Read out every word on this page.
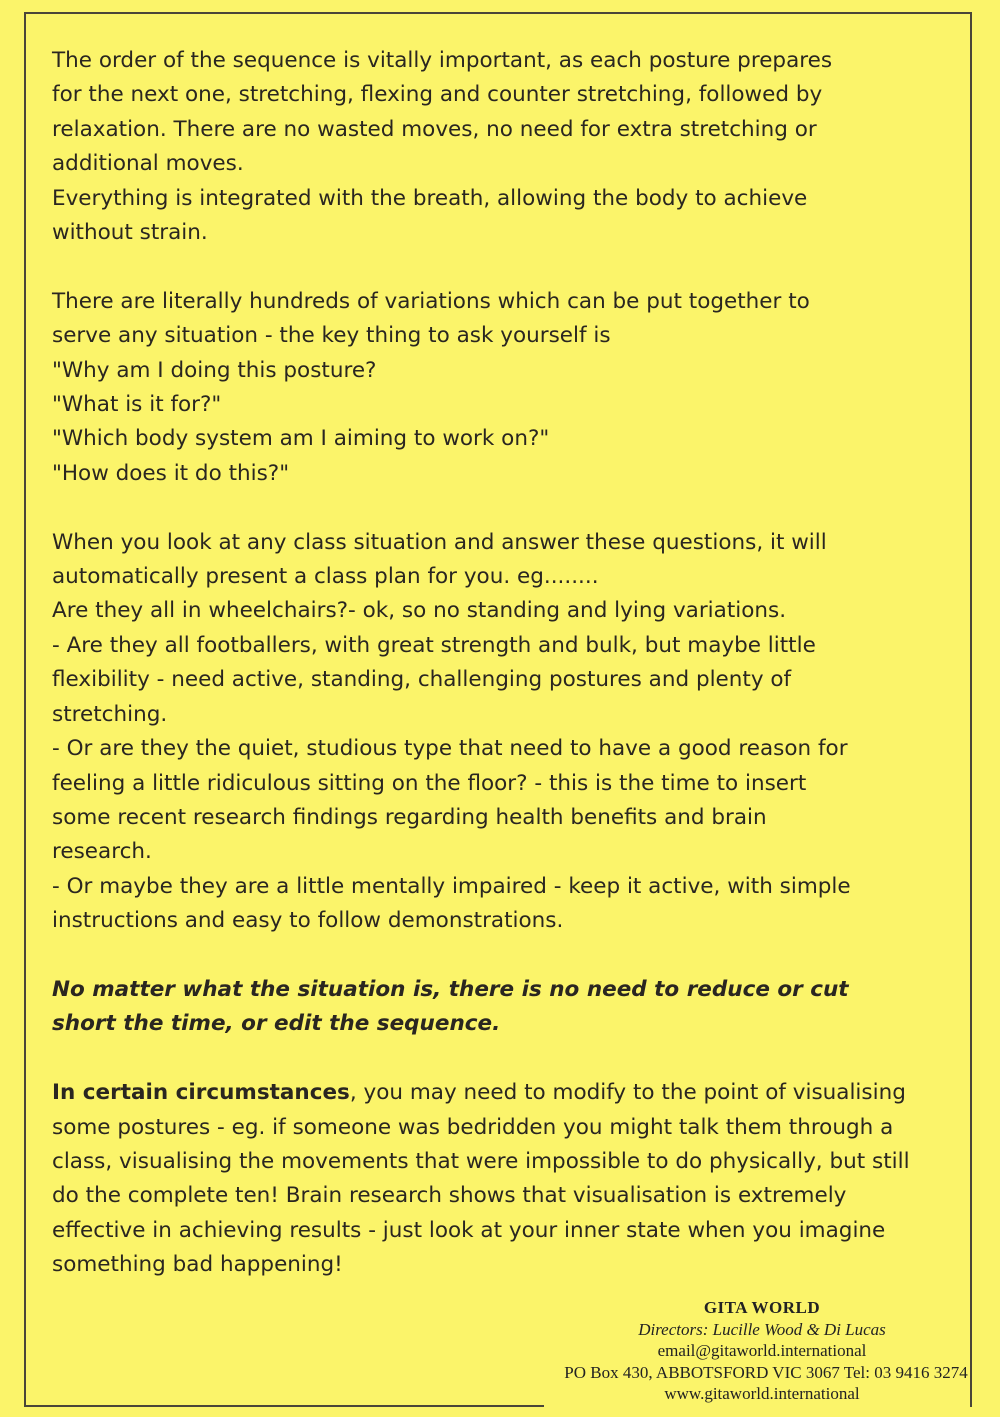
The order of the sequence is vitally important, as each posture prepares

for the next one, stretching, flexing and counter stretching, followed by

relaxation. There are no wasted moves, no need for extra stretching or

additional moves.

Everything is integrated with the breath, allowing the body to achieve

without strain.

There are literally hundreds of variations which can be put together to

serve any situation - the key thing to ask yourself is

"Why am I doing this posture?

"What is it for?"

"Which body system am I aiming to work on?"

"How does it do this?"

When you look at any class situation and answer these questions, it will

automatically present a class plan for you. eg........

Are they all in wheelchairs?- ok, so no standing and lying variations.

- Are they all footballers, with great strength and bulk, but maybe little

flexibility - need active, standing, challenging postures and plenty of

stretching.

- Or are they the quiet, studious type that need to have a good reason for

feeling a little ridiculous sitting on the floor? - this is the time to insert

some recent research findings regarding health benefits and brain

research.

- Or maybe they are a little mentally impaired - keep it active, with simple

instructions and easy to follow demonstrations.

No matter what the situation is, there is no need to reduce or cut

short the time, or edit the sequence.

In certain circumstances, you may need to modify to the point of visualising

some postures - eg. if someone was bedridden you might talk them through a

class, visualising the movements that were impossible to do physically, but still

do the complete ten! Brain research shows that visualisation is extremely

effective in achieving results - just look at your inner state when you imagine

something bad happening!

GITA WORLD
Directors: Lucille Wood & Di Lucas
email@gitaworld.international
PO Box 430, ABBOTSFORD VIC 3067 Tel: 03 9416 3274
www.gitaworld.international
